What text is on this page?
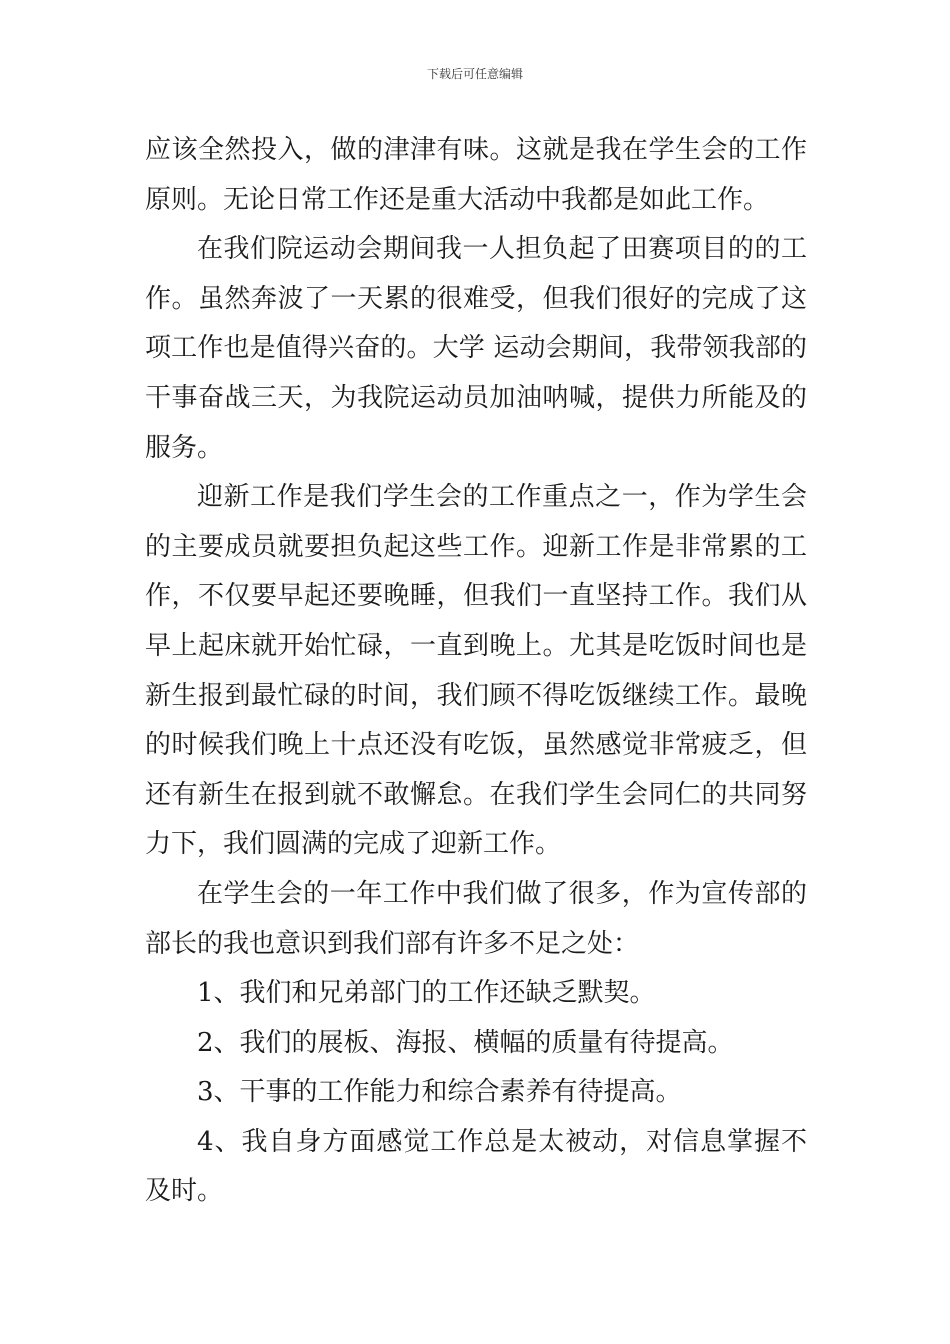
下载后可任意编辑

应该全然投入，做的津津有味。这就是我在学生会的工作原则。无论日常工作还是重大活动中我都是如此工作。

在我们院运动会期间我一人担负起了田赛项目的的工作。虽然奔波了一天累的很难受，但我们很好的完成了这项工作也是值得兴奋的。大学 运动会期间，我带领我部的干事奋战三天，为我院运动员加油呐喊，提供力所能及的服务。

迎新工作是我们学生会的工作重点之一，作为学生会的主要成员就要担负起这些工作。迎新工作是非常累的工作，不仅要早起还要晚睡，但我们一直坚持工作。我们从早上起床就开始忙碌，一直到晚上。尤其是吃饭时间也是新生报到最忙碌的时间，我们顾不得吃饭继续工作。最晚的时候我们晚上十点还没有吃饭，虽然感觉非常疲乏，但还有新生在报到就不敢懈怠。在我们学生会同仁的共同努力下，我们圆满的完成了迎新工作。

在学生会的一年工作中我们做了很多，作为宣传部的部长的我也意识到我们部有许多不足之处：

1、我们和兄弟部门的工作还缺乏默契。

2、我们的展板、海报、横幅的质量有待提高。

3、干事的工作能力和综合素养有待提高。

4、我自身方面感觉工作总是太被动，对信息掌握不及时。
